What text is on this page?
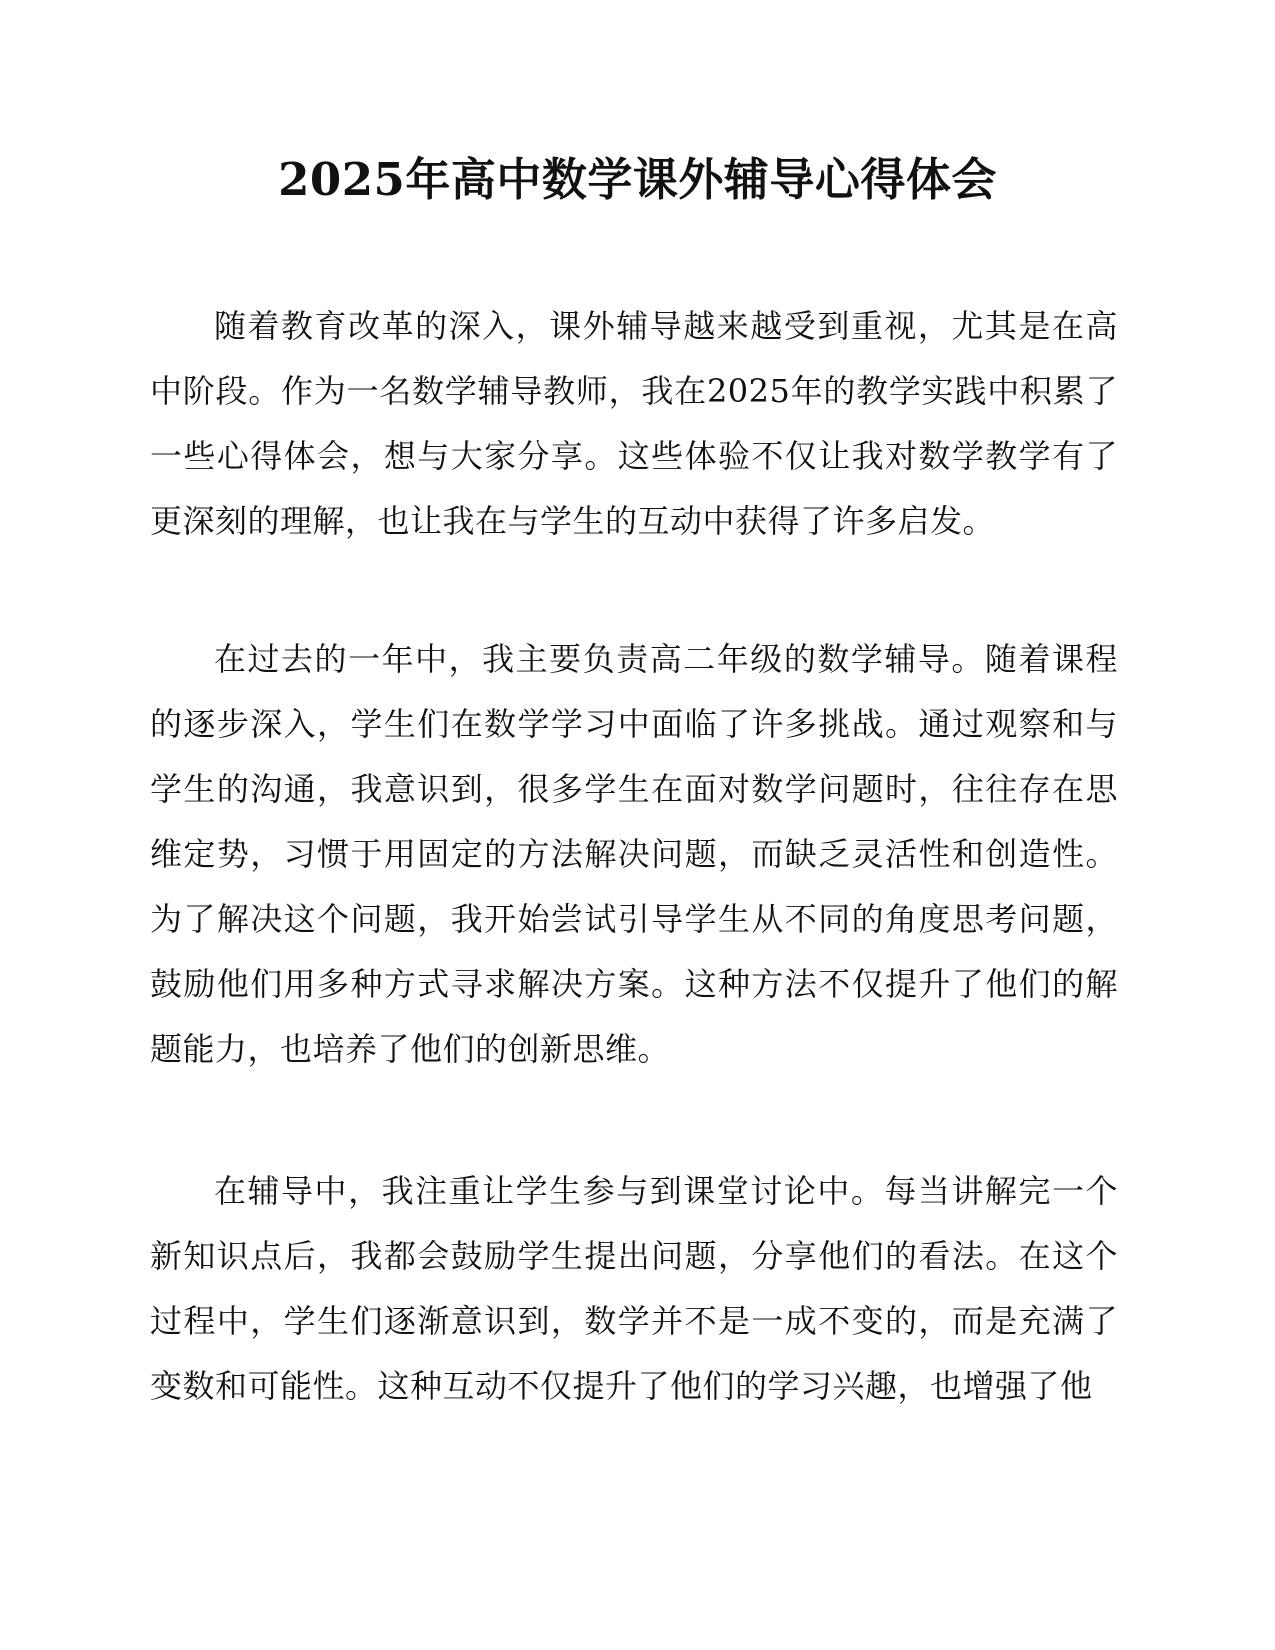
2025年高中数学课外辅导心得体会

随着教育改革的深入，课外辅导越来越受到重视，尤其是在高中阶段。作为一名数学辅导教师，我在2025年的教学实践中积累了一些心得体会，想与大家分享。这些体验不仅让我对数学教学有了更深刻的理解，也让我在与学生的互动中获得了许多启发。

在过去的一年中，我主要负责高二年级的数学辅导。随着课程的逐步深入，学生们在数学学习中面临了许多挑战。通过观察和与学生的沟通，我意识到，很多学生在面对数学问题时，往往存在思维定势，习惯于用固定的方法解决问题，而缺乏灵活性和创造性。为了解决这个问题，我开始尝试引导学生从不同的角度思考问题，鼓励他们用多种方式寻求解决方案。这种方法不仅提升了他们的解题能力，也培养了他们的创新思维。

在辅导中，我注重让学生参与到课堂讨论中。每当讲解完一个新知识点后，我都会鼓励学生提出问题，分享他们的看法。在这个过程中，学生们逐渐意识到，数学并不是一成不变的，而是充满了变数和可能性。这种互动不仅提升了他们的学习兴趣，也增强了他
